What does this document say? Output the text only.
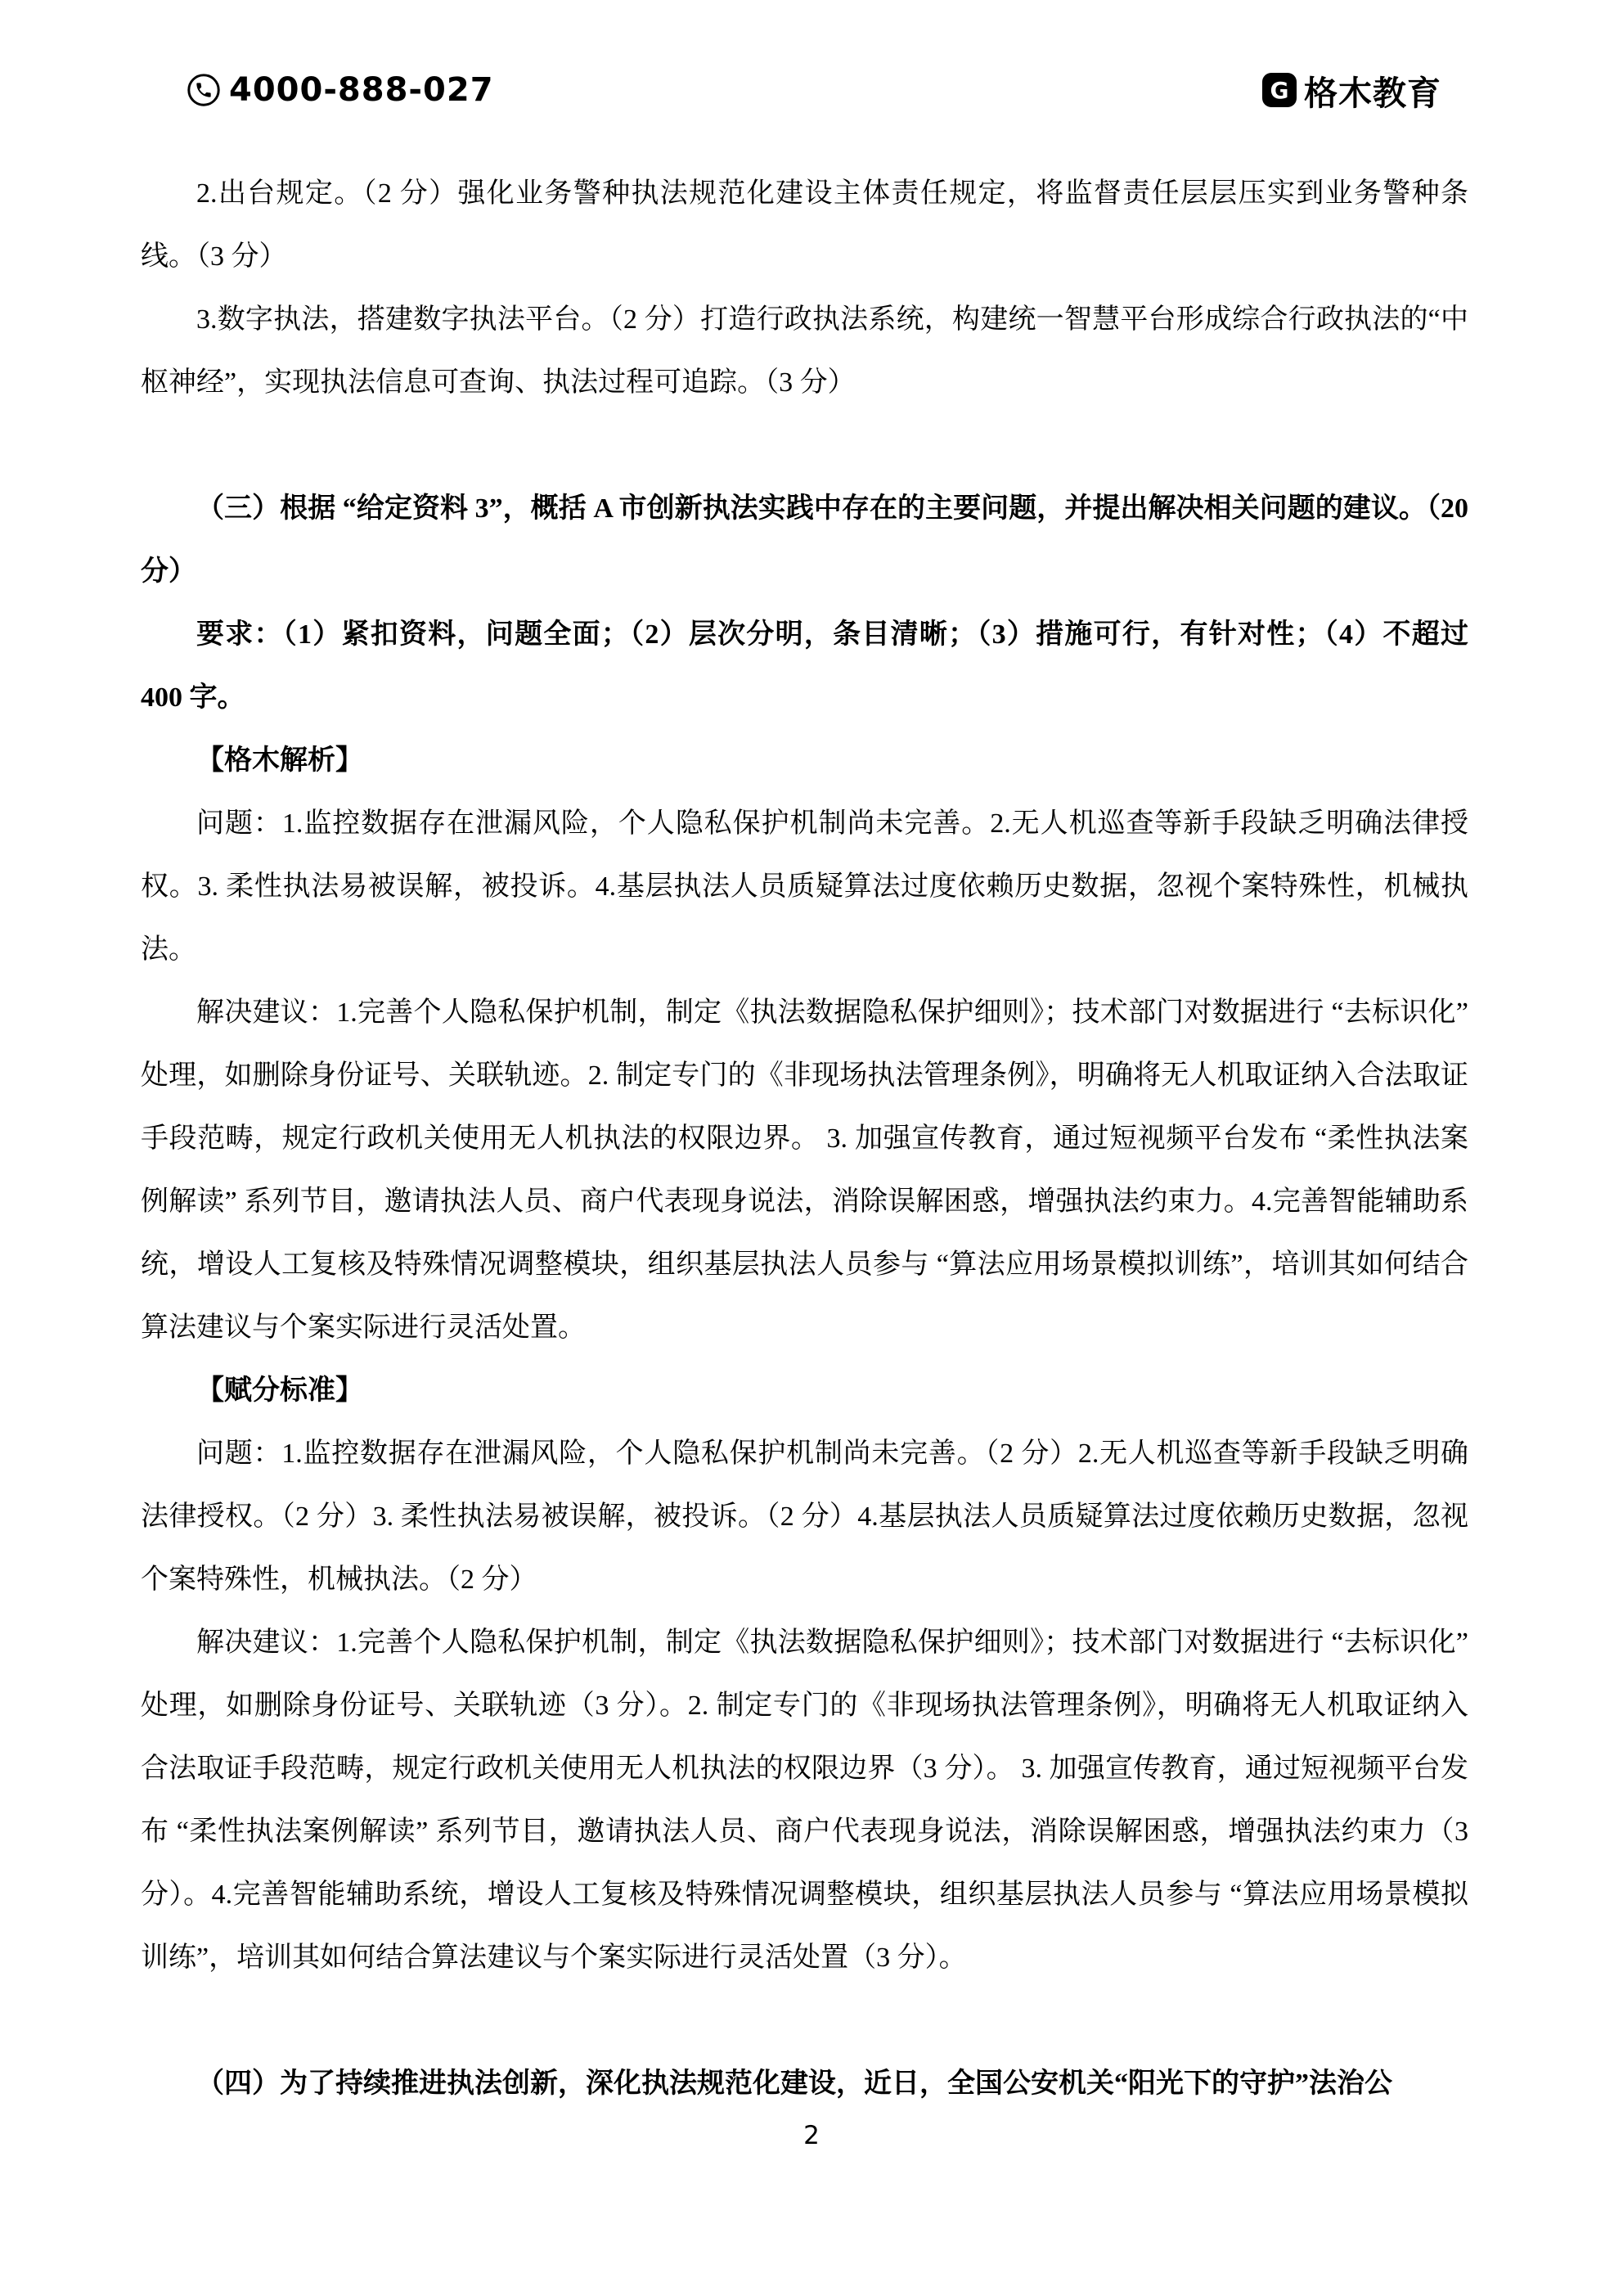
4000-888-027	G 格木教育

2.出台规定。（2 分）强化业务警种执法规范化建设主体责任规定，将监督责任层层压实到业务警种条线。（3 分）

3.数字执法，搭建数字执法平台。（2 分）打造行政执法系统，构建统一智慧平台形成综合行政执法的“中枢神经”，实现执法信息可查询、执法过程可追踪。（3 分）

（三）根据 “给定资料 3”，概括 A 市创新执法实践中存在的主要问题，并提出解决相关问题的建议。（20 分）

要求：（1）紧扣资料，问题全面；（2）层次分明，条目清晰；（3）措施可行，有针对性；（4）不超过 400 字。

【格木解析】

问题：1.监控数据存在泄漏风险，个人隐私保护机制尚未完善。2.无人机巡查等新手段缺乏明确法律授权。3. 柔性执法易被误解，被投诉。4.基层执法人员质疑算法过度依赖历史数据，忽视个案特殊性，机械执法。

解决建议：1.完善个人隐私保护机制，制定《执法数据隐私保护细则》；技术部门对数据进行 “去标识化” 处理，如删除身份证号、关联轨迹。2. 制定专门的《非现场执法管理条例》，明确将无人机取证纳入合法取证手段范畴，规定行政机关使用无人机执法的权限边界。 3. 加强宣传教育，通过短视频平台发布 “柔性执法案例解读” 系列节目，邀请执法人员、商户代表现身说法，消除误解困惑，增强执法约束力。4.完善智能辅助系统，增设人工复核及特殊情况调整模块，组织基层执法人员参与 “算法应用场景模拟训练”，培训其如何结合算法建议与个案实际进行灵活处置。

【赋分标准】

问题：1.监控数据存在泄漏风险，个人隐私保护机制尚未完善。（2 分）2.无人机巡查等新手段缺乏明确法律授权。（2 分）3. 柔性执法易被误解，被投诉。（2 分）4.基层执法人员质疑算法过度依赖历史数据，忽视个案特殊性，机械执法。（2 分）

解决建议：1.完善个人隐私保护机制，制定《执法数据隐私保护细则》；技术部门对数据进行 “去标识化” 处理，如删除身份证号、关联轨迹（3 分）。2. 制定专门的《非现场执法管理条例》，明确将无人机取证纳入合法取证手段范畴，规定行政机关使用无人机执法的权限边界（3 分）。 3. 加强宣传教育，通过短视频平台发布 “柔性执法案例解读” 系列节目，邀请执法人员、商户代表现身说法，消除误解困惑，增强执法约束力（3 分）。4.完善智能辅助系统，增设人工复核及特殊情况调整模块，组织基层执法人员参与 “算法应用场景模拟训练”，培训其如何结合算法建议与个案实际进行灵活处置（3 分）。

（四）为了持续推进执法创新，深化执法规范化建设，近日，全国公安机关“阳光下的守护”法治公

2
